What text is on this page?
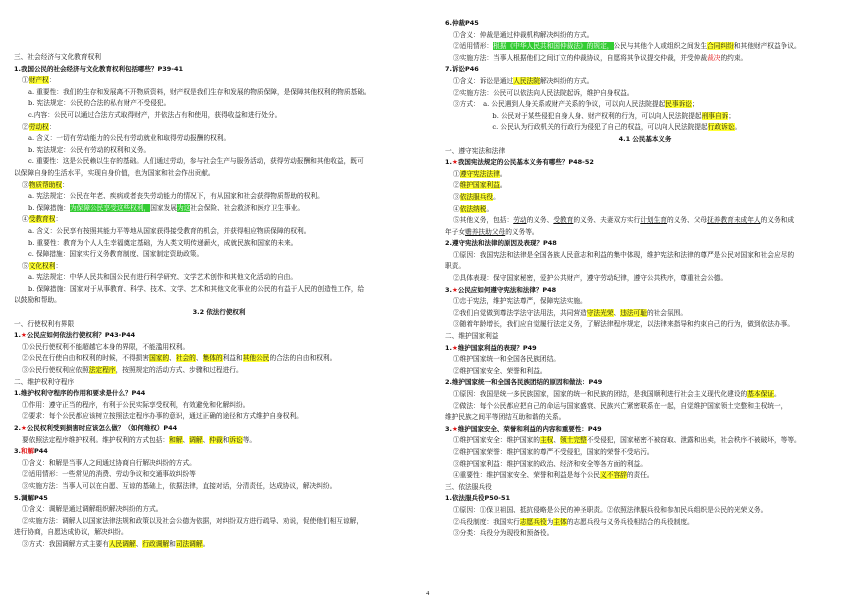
三、社会经济与文化教育权利
1.我国公民的社会经济与文化教育权利包括哪些？P39-41
①财产权：
a. 重要性：我们的生存和发展离不开物质资料，财产权是我们生存和发展的物质保障，是保障其他权利的物质基础。
b. 宪法规定：公民的合法的私有财产不受侵犯。
c.内容：公民可以通过合法方式取得财产，并依法占有和使用，获得收益和进行处分。
②劳动权：
a. 含义：一切有劳动能力的公民有劳动就业和取得劳动报酬的权利。
b. 宪法规定：公民有劳动的权利和义务。
c. 重要性：这是公民赖以生存的基础。人们通过劳动，参与社会生产与服务活动，获得劳动报酬和其他收益，既可
以保障自身的生活水平，实现自身价值，也为国家和社会作出贡献。
③物质帮助权：
a. 宪法规定：公民在年老、疾病或者丧失劳动能力的情况下，有从国家和社会获得物质帮助的权利。
b. 保障措施：为保障公民享受这些权利，国家发展为这社会保险、社会救济和医疗卫生事业。
④受教育权：
a. 含义：公民享有按照其能力平等地从国家获得接受教育的机会，并获得相应物质保障的权利。
b. 重要性：教育为个人人生幸福奠定基础，为人类文明传递薪火，成就民族和国家的未来。
c. 保障措施：国家实行义务教育制度、国家制定资助政策。
⑤文化权利：
a. 宪法规定：中华人民共和国公民有进行科学研究、文学艺术创作和其他文化活动的自由。
b. 保障措施：国家对于从事教育、科学、技术、文学、艺术和其他文化事业的公民的有益于人民的创造性工作，给
以鼓励和帮助。
3.2 依法行使权利
一、行使权利有界限
1.★公民应如何依法行使权利？P43-P44
①公民行使权利不能超越它本身的界限，不能滥用权利。
②公民在行使自由和权利的时候，不得损害国家的、社会的、集体的利益和其他公民的合法的自由和权利。
③公民行使权利应依照法定程序，按照规定的活动方式、步骤和过程进行。
二、维护权利守程序
1.维护权利守程序的作用和要求是什么？P44
①作用：遵守正当的程序，有利于公民实际享受权利，有效避免和化解纠纷。
②要求：每个公民都应该树立按照法定程序办事的意识，通过正确的途径和方式维护自身权利。
2.★公民权利受到损害时应该怎么做？（如何维权）P44
要依照法定程序维护权利。维护权利的方式包括：和解、调解、仲裁和诉讼等。
3.和解P44
①含义：和解是当事人之间通过协商自行解决纠纷的方式。
②适用情形：一些常见的消费、劳动争议和交通事故纠纷等
③实施方法：当事人可以在自愿、互谅的基础上，依据法律，直接对话，分清责任，达成协议，解决纠纷。
5.调解P45
①含义：调解是通过调解组织解决纠纷的方式。
②实施方法：调解人以国家法律法规和政策以及社会公德为依据，对纠纷双方进行疏导、劝说，促使他们相互谅解，
进行协商，自愿达成协议，解决纠纷。
③方式：我国调解方式主要有人民调解、行政调解和司法调解。
6.仲裁P45
①含义：仲裁是通过仲裁机构解决纠纷的方式。
②适用情形：根据《中华人民共和国仲裁法》的规定，公民与其他个人或组织之间发生合同纠纷和其他财产权益争议。
③实施方法：当事人根据他们之间订立的仲裁协议，自愿将其争议提交仲裁，并受仲裁裁决的约束。
7.诉讼P46
①含义：诉讼是通过人民法院解决纠纷的方式。
②实施方法：公民可以依法向人民法院起诉，维护自身权益。
③方式：　a. 公民遇到人身关系或财产关系的争议，可以向人民法院提起民事诉讼；
　　　　　b. 公民对于某些侵犯自身人身、财产权利的行为，可以向人民法院提起刑事自诉；
　　　　　c. 公民认为行政机关的行政行为侵犯了自己的权益，可以向人民法院提起行政诉讼。
4.1 公民基本义务
一、遵守宪法和法律
1.★我国宪法规定的公民基本义务有哪些？P48-52
①遵守宪法法律。
②维护国家利益。
③依法服兵役。
④依法纳税。
⑤其他义务，包括：劳动的义务、受教育的义务、夫妻双方实行计划生育的义务、父母抚养教育未成年人的义务和成
年子女赡养扶助父母的义务等。
2.遵守宪法和法律的原因及表现？P48
①原因：我国宪法和法律是全国各族人民意志和利益的集中体现，维护宪法和法律的尊严是公民对国家和社会应尽的
职责。
②具体表现：保守国家秘密，爱护公共财产，遵守劳动纪律，遵守公共秩序，尊重社会公德。
3.★公民应如何遵守宪法和法律？P48
①忠于宪法，维护宪法尊严，保障宪法实施。
②我们自觉做到尊法学法守法用法，共同营造守法光荣、违法可耻的社会氛围。
③随着年龄增长，我们应自觉履行法定义务，了解法律程序规定，以法律来指导和约束自己的行为，做到依法办事。
二、维护国家利益
1.★维护国家利益的表现？P49
①维护国家统一和全国各民族团结。
②维护国家安全、荣誉和利益。
2.维护国家统一和全国各民族团结的原因和做法：P49
①原因：我国是统一多民族国家，国家的统一和民族的团结，是我国顺利进行社会主义现代化建设的基本保证。
②做法：每个公民都应把自己的命运与国家盛衰、民族兴亡紧密联系在一起，自觉维护国家领土完整和主权统一，
维护民族之间平等团结互助和谐的关系。
3.★维护国家安全、荣誉和利益的内容和重要性：P49
①维护国家安全：维护国家的主权、领土完整不受侵犯，国家秘密不被窃取、泄露和出卖，社会秩序不被破坏，等等。
②维护国家荣誉：维护国家的尊严不受侵犯，国家的荣誉不受玷污。
③维护国家利益：维护国家的政治、经济和安全等各方面的利益。
④重要性：维护国家安全、荣誉和利益是每个公民义不容辞的责任。
三、依法服兵役
1.依法服兵役P50-51
①原因：①保卫祖国、抵抗侵略是公民的神圣职责。②依照法律服兵役和参加民兵组织是公民的光荣义务。
②兵役制度：我国实行志愿兵役为主体的志愿兵役与义务兵役相结合的兵役制度。
③分类：兵役分为现役和预备役。
4
